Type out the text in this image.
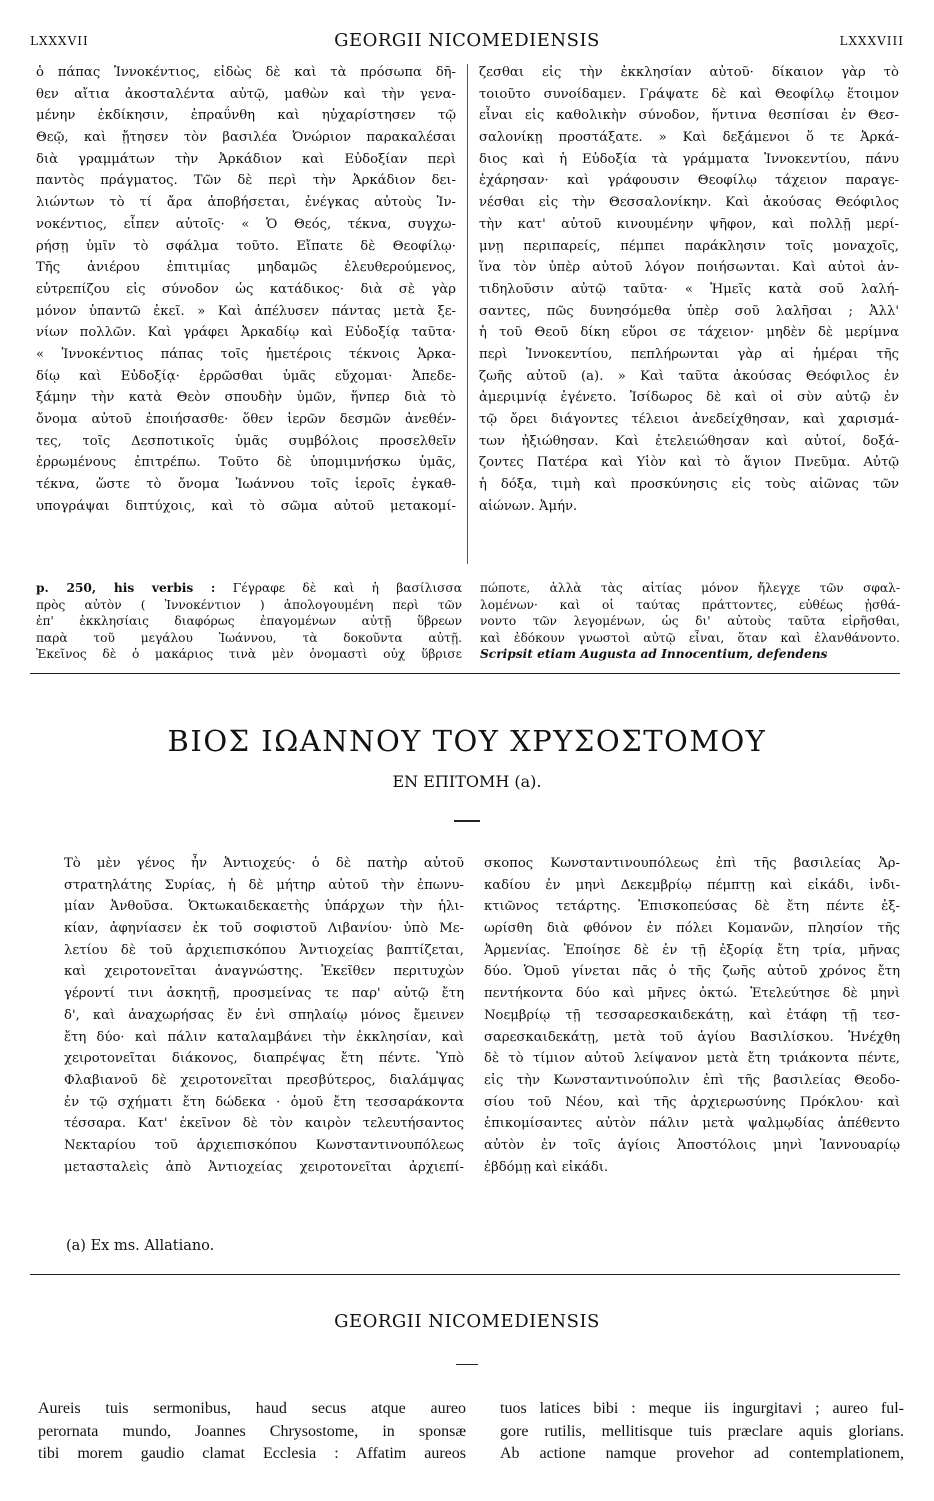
LXXXVII	GEORGII NICOMEDIENSIS	LXXXVIII
ὁ πάπας Ἰννοκέντιος, εἰδὼς δὲ καὶ τὰ πρόσωπα δῆ-
θεν αἴτια ἀκοσταλέντα αὐτῷ, μαθὼν καὶ τὴν γενα-
μένην ἐκδίκησιν, ἐπραΰνθη καὶ ηὐχαρίστησεν τῷ
Θεῷ, καὶ ᾔτησεν τὸν βασιλέα Ὀνώριον παρακαλέσαι
διὰ γραμμάτων τὴν Ἀρκάδιον καὶ Εὐδοξίαν περὶ
παντὸς πράγματος. Τῶν δὲ περὶ τὴν Ἀρκάδιον δει-
λιώντων τὸ τί ἄρα ἀποβήσεται, ἐνέγκας αὐτοὺς Ἰν-
νοκέντιος, εἶπεν αὐτοῖς· « Ὁ Θεός, τέκνα, συγχω-
ρήσῃ ὑμῖν τὸ σφάλμα τοῦτο. Εἴπατε δὲ Θεοφίλῳ·
Τῆς ἀνιέρου ἐπιτιμίας μηδαμῶς ἐλευθερούμενος,
εὐτρεπίζου εἰς σύνοδον ὡς κατάδικος· διὰ σὲ γὰρ
μόνον ὑπαντῶ ἐκεῖ. » Καὶ ἀπέλυσεν πάντας μετὰ ξε-
νίων πολλῶν. Καὶ γράφει Ἀρκαδίῳ καὶ Εὐδοξίᾳ ταῦτα·
« Ἰννοκέντιος πάπας τοῖς ἡμετέροις τέκνοις Ἀρκα-
δίῳ καὶ Εὐδοξίᾳ· ἐρρῶσθαι ὑμᾶς εὔχομαι· Ἀπεδε-
ξάμην τὴν κατὰ Θεὸν σπουδὴν ὑμῶν, ἥνπερ διὰ τὸ
ὄνομα αὐτοῦ ἐποιήσασθε· ὅθεν ἱερῶν δεσμῶν ἀνεθέν-
τες, τοῖς Δεσποτικοῖς ὑμᾶς συμβόλοις προσελθεῖν
ἐρρωμένους ἐπιτρέπω. Τοῦτο δὲ ὑπομιμνήσκω ὑμᾶς,
τέκνα, ὥστε τὸ ὄνομα Ἰωάννου τοῖς ἱεροῖς ἐγκαθ-
υπογράψαι διπτύχοις, καὶ τὸ σῶμα αὐτοῦ μετακομί-
ζεσθαι εἰς τὴν ἐκκλησίαν αὐτοῦ· δίκαιον γὰρ τὸ
τοιοῦτο συνοίδαμεν. Γράψατε δὲ καὶ Θεοφίλῳ ἕτοιμον
εἶναι εἰς καθολικὴν σύνοδον, ἥντινα θεσπίσαι ἐν Θεσ-
σαλονίκῃ προστάξατε. » Καὶ δεξάμενοι ὅ τε Ἀρκά-
διος καὶ ἡ Εὐδοξία τὰ γράμματα Ἰννοκεντίου, πάνυ
ἐχάρησαν· καὶ γράφουσιν Θεοφίλῳ τάχειον παραγε-
νέσθαι εἰς τὴν Θεσσαλονίκην. Καὶ ἀκούσας Θεόφιλος
τὴν κατ' αὐτοῦ κινουμένην ψῆφον, καὶ πολλῇ μερί-
μνῃ περιπαρείς, πέμπει παράκλησιν τοῖς μοναχοῖς,
ἵνα τὸν ὑπὲρ αὐτοῦ λόγον ποιήσωνται. Καὶ αὐτοὶ ἀν-
τιδηλοῦσιν αὐτῷ ταῦτα· « Ἡμεῖς κατὰ σοῦ λαλή-
σαντες, πῶς δυνησόμεθα ὑπὲρ σοῦ λαλῆσαι ; Ἀλλ'
ἡ τοῦ Θεοῦ δίκη εὕροι σε τάχειον· μηδὲν δὲ μερίμνα
περὶ Ἰννοκεντίου, πεπλήρωνται γὰρ αἱ ἡμέραι τῆς
ζωῆς αὐτοῦ (a). » Καὶ ταῦτα ἀκούσας Θεόφιλος ἐν
ἀμεριμνίᾳ ἐγένετο. Ἰσίδωρος δὲ καὶ οἱ σὺν αὐτῷ ἐν
τῷ ὄρει διάγοντες τέλειοι ἀνεδείχθησαν, καὶ χαρισμά-
των ἠξιώθησαν. Καὶ ἐτελειώθησαν καὶ αὐτοί, δοξά-
ζοντες Πατέρα καὶ Υἱὸν καὶ τὸ ἅγιον Πνεῦμα. Αὐτῷ
ἡ δόξα, τιμὴ καὶ προσκύνησις εἰς τοὺς αἰῶνας τῶν
αἰώνων. Ἀμήν.
p. 250, his verbis : Γέγραφε δὲ καὶ ἡ βασίλισσα
πρὸς αὐτὸν ( Ἰννοκέντιον ) ἀπολογουμένη περὶ τῶν
ἐπ' ἐκκλησίαις διαφόρως ἐπαγομένων αὐτῇ ὕβρεων
παρὰ τοῦ μεγάλου Ἰωάννου, τὰ δοκοῦντα αὐτῇ.
Ἐκεῖνος δὲ ὁ μακάριος τινὰ μὲν ὀνομαστὶ οὐχ ὕβρισε
πώποτε, ἀλλὰ τὰς αἰτίας μόνον ἤλεγχε τῶν σφαλ-
λομένων· καὶ οἱ ταύτας πράττοντες, εὐθέως ᾐσθά-
νοντο τῶν λεγομένων, ὡς δι' αὐτοὺς ταῦτα εἰρῆσθαι,
καὶ ἐδόκουν γνωστοὶ αὐτῷ εἶναι, ὅταν καὶ ἐλανθάνοντο.
Scripsit etiam Augusta ad Innocentium, defendens
ΒΙΟΣ ΙΩΑΝΝΟΥ ΤΟΥ ΧΡΥΣΟΣΤΟΜΟΥ
ΕΝ ΕΠΙΤΟΜΗ (a).
Τὸ μὲν γένος ἦν Ἀντιοχεύς· ὁ δὲ πατὴρ αὐτοῦ
στρατηλάτης Συρίας, ἡ δὲ μήτηρ αὐτοῦ τὴν ἐπωνυ-
μίαν Ἀνθοῦσα. Ὀκτωκαιδεκαετὴς ὑπάρχων τὴν ἡλι-
κίαν, ἀφηνίασεν ἐκ τοῦ σοφιστοῦ Λιβανίου· ὑπὸ Με-
λετίου δὲ τοῦ ἀρχιεπισκόπου Ἀντιοχείας βαπτίζεται,
καὶ χειροτονεῖται ἀναγνώστης. Ἐκεῖθεν περιτυχὼν
γέροντί τινι ἀσκητῇ, προσμείνας τε παρ' αὐτῷ ἔτη
δ', καὶ ἀναχωρήσας ἔν ἑνὶ σπηλαίῳ μόνος ἔμεινεν
ἔτη δύο· καὶ πάλιν καταλαμβάνει τὴν ἐκκλησίαν, καὶ
χειροτονεῖται διάκονος, διαπρέψας ἔτη πέντε. Ὑπὸ
Φλαβιανοῦ δὲ χειροτονεῖται πρεσβύτερος, διαλάμψας
ἐν τῷ σχήματι ἔτη δώδεκα · ὁμοῦ ἔτη τεσσαράκοντα
τέσσαρα. Κατ' ἐκεῖνον δὲ τὸν καιρὸν τελευτήσαντος
Νεκταρίου τοῦ ἀρχιεπισκόπου Κωνσταντινουπόλεως
μετασταλεὶς ἀπὸ Ἀντιοχείας χειροτονεῖται ἀρχιεπί-
σκοπος Κωνσταντινουπόλεως ἐπὶ τῆς βασιλείας Ἀρ-
καδίου ἐν μηνὶ Δεκεμβρίῳ πέμπτῃ καὶ εἰκάδι, ἰνδι-
κτιῶνος τετάρτης. Ἐπισκοπεύσας δὲ ἔτη πέντε ἐξ-
ωρίσθη διὰ φθόνον ἐν πόλει Κομανῶν, πλησίον τῆς
Ἀρμενίας. Ἐποίησε δὲ ἐν τῇ ἐξορίᾳ ἔτη τρία, μῆνας
δύο. Ὁμοῦ γίνεται πᾶς ὁ τῆς ζωῆς αὐτοῦ χρόνος ἔτη
πεντήκοντα δύο καὶ μῆνες ὀκτώ. Ἐτελεύτησε δὲ μηνὶ
Νοεμβρίῳ τῇ τεσσαρεσκαιδεκάτῃ, καὶ ἐτάφη τῇ τεσ-
σαρεσκαιδεκάτῃ, μετὰ τοῦ ἁγίου Βασιλίσκου. Ἠνέχθη
δὲ τὸ τίμιον αὐτοῦ λείψανον μετὰ ἔτη τριάκοντα πέντε,
εἰς τὴν Κωνσταντινούπολιν ἐπὶ τῆς βασιλείας Θεοδο-
σίου τοῦ Νέου, καὶ τῆς ἀρχιερωσύνης Πρόκλου· καὶ
ἐπικομίσαντες αὐτὸν πάλιν μετὰ ψαλμῳδίας ἀπέθεντο
αὐτὸν ἐν τοῖς ἁγίοις Ἀποστόλοις μηνὶ Ἰαννουαρίῳ
ἑβδόμῃ καὶ εἰκάδι.
(a) Ex ms. Allatiano.
GEORGII NICOMEDIENSIS
Aureis tuis sermonibus, haud secus atque aureo
perornata mundo, Joannes Chrysostome, in sponsæ
tibi morem gaudio clamat Ecclesia : Affatim aureos
tuos latices bibi : meque iis ingurgitavi ; aureo ful-
gore rutilis, mellitisque tuis præclare aquis glorians.
Ab actione namque provehor ad contemplationem,
